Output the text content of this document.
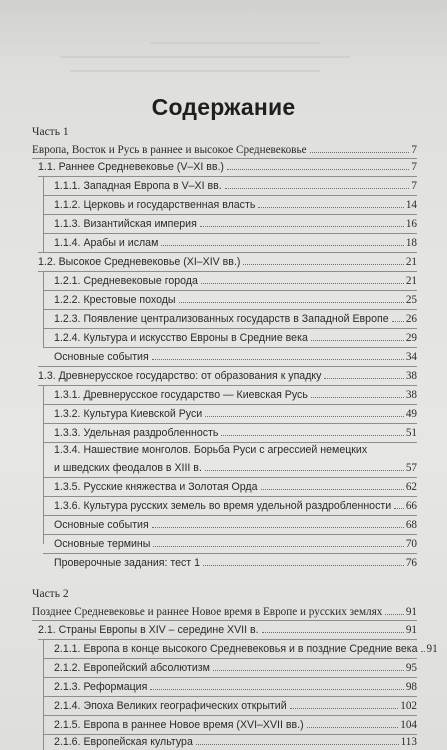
Содержание
Часть 1
Европа, Восток и Русь в раннее и высокое Средневековье	7
1.1. Раннее Средневековье (V–XI вв.)	7
1.1.1. Западная Европа в V–XI вв.	7
1.1.2. Церковь и государственная власть	14
1.1.3. Византийская империя	16
1.1.4. Арабы и ислам	18
1.2. Высокое Средневековье (XI–XIV вв.)	21
1.2.1. Средневековые города	21
1.2.2. Крестовые походы	25
1.2.3. Появление централизованных государств в Западной Европе 26
1.2.4. Культура и искусство Евроны в Средние века	29
Основные события	34
1.3. Древнерусское государство: от образования к упадку	38
1.3.1. Древнерусское государство — Киевская Русь	38
1.3.2. Культура Киевской Руси	49
1.3.3. Удельная раздробленность	51
1.3.4. Нашествие монголов. Борьба Руси с агрессией немецких
и шведских феодалов в XIII в.	57
1.3.5. Русские княжества и Золотая Орда	62
1.3.6. Культура русских земель во время удельной раздробленности 66
Основные события	68
Основные термины	70
Проверочные задания: тест 1	76
Часть 2
Позднее Средневековье и раннее Новое время в Европе и русских землях 91
2.1. Страны Европы в XIV – середине XVII в.	91
2.1.1. Европа в конце высокого Средневековья и в поздние Средние века 91
2.1.2. Европейский абсолютизм	95
2.1.3. Реформация	98
2.1.4. Эпоха Великих географических открытий	102
2.1.5. Европа в раннее Новое время (XVI–XVII вв.)	104
2.1.6. Европейская культура	113
